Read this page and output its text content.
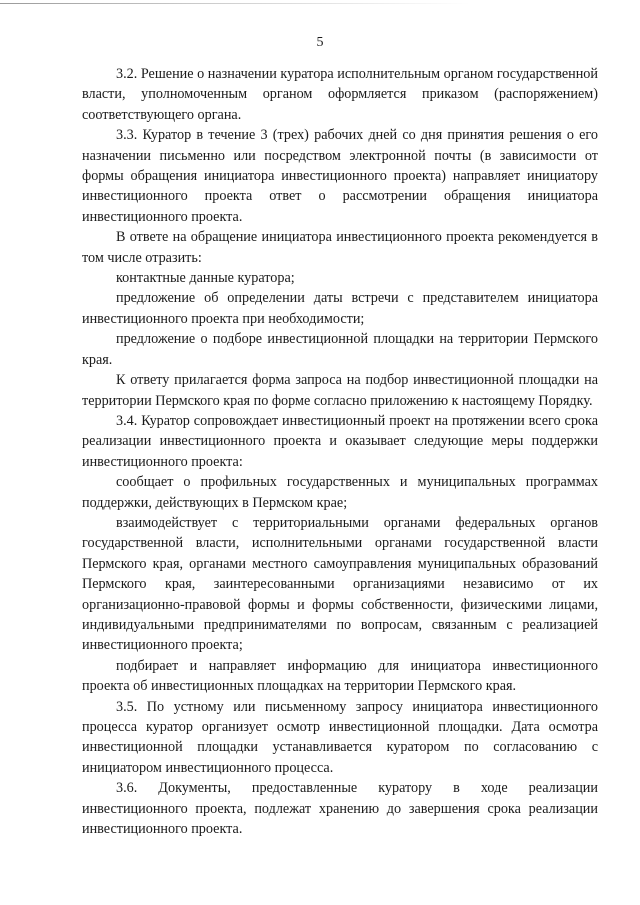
5

3.2. Решение о назначении куратора исполнительным органом государственной власти, уполномоченным органом оформляется приказом (распоряжением) соответствующего органа.

3.3. Куратор в течение 3 (трех) рабочих дней со дня принятия решения о его назначении письменно или посредством электронной почты (в зависимости от формы обращения инициатора инвестиционного проекта) направляет инициатору инвестиционного проекта ответ о рассмотрении обращения инициатора инвестиционного проекта.

В ответе на обращение инициатора инвестиционного проекта рекомендуется в том числе отразить:

контактные данные куратора;

предложение об определении даты встречи с представителем инициатора инвестиционного проекта при необходимости;

предложение о подборе инвестиционной площадки на территории Пермского края.

К ответу прилагается форма запроса на подбор инвестиционной площадки на территории Пермского края по форме согласно приложению к настоящему Порядку.

3.4. Куратор сопровождает инвестиционный проект на протяжении всего срока реализации инвестиционного проекта и оказывает следующие меры поддержки инвестиционного проекта:

сообщает о профильных государственных и муниципальных программах поддержки, действующих в Пермском крае;

взаимодействует с территориальными органами федеральных органов государственной власти, исполнительными органами государственной власти Пермского края, органами местного самоуправления муниципальных образований Пермского края, заинтересованными организациями независимо от их организационно-правовой формы и формы собственности, физическими лицами, индивидуальными предпринимателями по вопросам, связанным с реализацией инвестиционного проекта;

подбирает и направляет информацию для инициатора инвестиционного проекта об инвестиционных площадках на территории Пермского края.

3.5. По устному или письменному запросу инициатора инвестиционного процесса куратор организует осмотр инвестиционной площадки. Дата осмотра инвестиционной площадки устанавливается куратором по согласованию с инициатором инвестиционного процесса.

3.6. Документы, предоставленные куратору в ходе реализации инвестиционного проекта, подлежат хранению до завершения срока реализации инвестиционного проекта.
